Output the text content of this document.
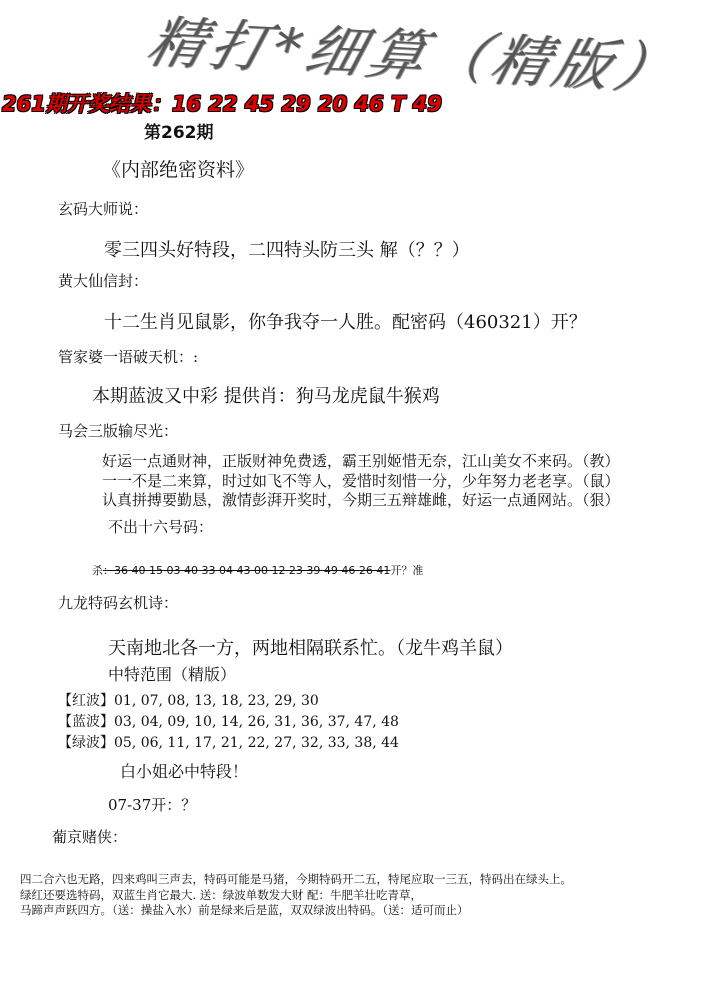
精打*细算（精版）
261期开奖结果：16 22 45 29 20 46 T 49
第262期
《内部绝密资料》
玄码大师说：
零三四头好特段，二四特头防三头 解（？？）
黄大仙信封：
十二生肖见鼠影，你争我夺一人胜。配密码（460321）开？
管家婆一语破天机：:
本期蓝波又中彩 提供肖：狗马龙虎鼠牛猴鸡
马会三版输尽光：
好运一点通财神，正版财神免费透，霸王别姬惜无奈，江山美女不来码。（教）
一一不是二来算，时过如飞不等人，爱惜时刻惜一分，少年努力老老享。（鼠）
认真拼搏要勤恳，激情彭湃开奖时，今期三五辩雄雌，好运一点通网站。（狠）
不出十六号码：
杀：36 40 15 03 40 33 04 43 00 12 23 39 49 46 26 41开？准
九龙特码玄机诗：
天南地北各一方，两地相隔联系忙。（龙牛鸡羊鼠）
中特范围（精版）
【红波】01, 07, 08, 13, 18, 23, 29, 30
【蓝波】03, 04, 09, 10, 14, 26, 31, 36, 37, 47, 48
【绿波】05, 06, 11, 17, 21, 22, 27, 32, 33, 38, 44
白小姐必中特段！
07-37开：？
葡京赌侠：
四二合六也无路，四来鸡叫三声去，特码可能是马猪，今期特码开二五，特尾应取一三五，特码出在绿头上。
绿红还要选特码，双蓝生肖它最大. 送：绿波单数发大财 配：牛肥羊壮吃青草，
马蹄声声跃四方。（送：操盐入水）前是绿来后是蓝，双双绿波出特码。（送：适可而止）
